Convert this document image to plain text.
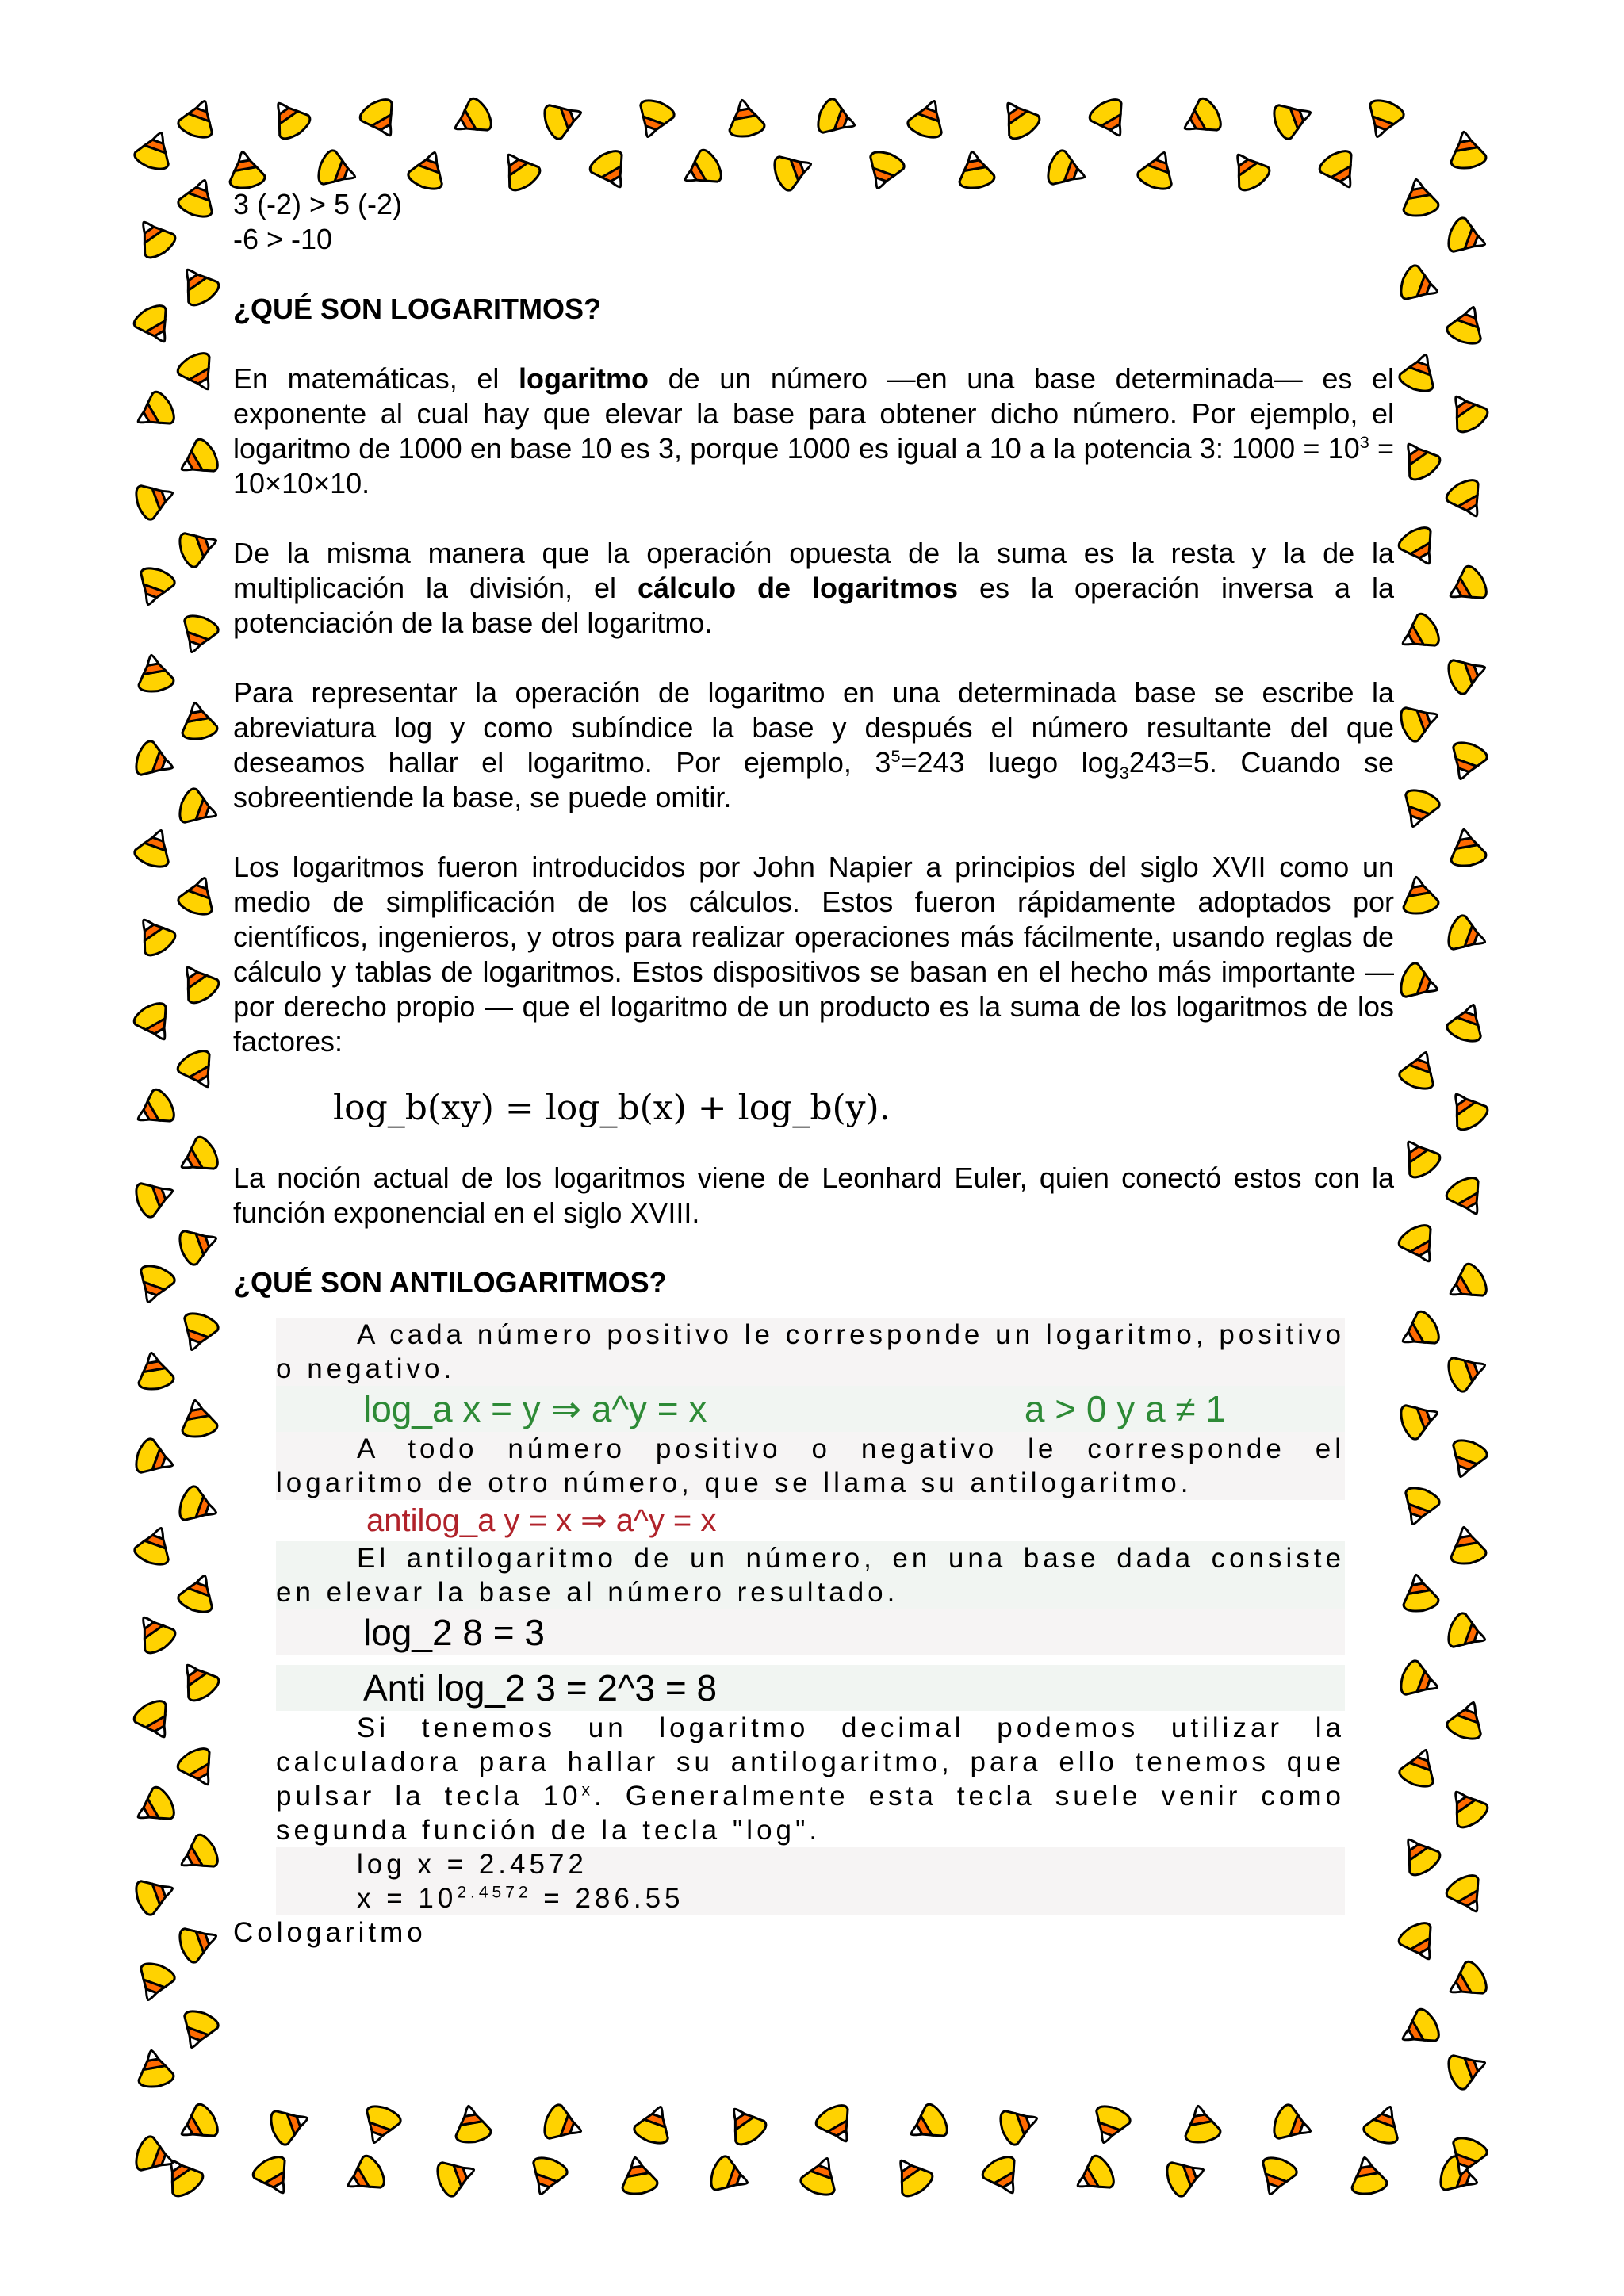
3 (-2) > 5 (-2)

-6 > -10

¿QUÉ SON LOGARITMOS?

En matemáticas, el logaritmo de un número —en una base determinada— es el exponente al cual hay que elevar la base para obtener dicho número. Por ejemplo, el logaritmo de 1000 en base 10 es 3, porque 1000 es igual a 10 a la potencia 3: $1000 = 10^3 = 10\times 10\times 10$.

De la misma manera que la operación opuesta de la suma es la resta y la de la multiplicación la división, el cálculo de logaritmos es la operación inversa a la potenciación de la base del logaritmo.

Para representar la operación de logaritmo en una determinada base se escribe la abreviatura log y como subíndice la base y después el número resultante del que deseamos hallar el logaritmo. Por ejemplo, $3^5=243$ luego $\log_3243=5$. Cuando se sobreentiende la base, se puede omitir.

Los logaritmos fueron introducidos por John Napier a principios del siglo XVII como un medio de simplificación de los cálculos. Estos fueron rápidamente adoptados por científicos, ingenieros, y otros para realizar operaciones más fácilmente, usando reglas de cálculo y tablas de logaritmos. Estos dispositivos se basan en el hecho más importante — por derecho propio — que el logaritmo de un producto es la suma de los logaritmos de los factores:

log_b(xy) = log_b(x) + log_b(y).

La noción actual de los logaritmos viene de Leonhard Euler, quien conectó estos con la función exponencial en el siglo XVIII.

¿QUÉ SON ANTILOGARITMOS?

A cada número positivo le corresponde un logaritmo, positivo o negativo.

log_a x = y ⇒ a^y = x	a > 0 y a ≠ 1

A todo número positivo o negativo le corresponde el logaritmo de otro número, que se llama su antilogaritmo.

antilog_a y = x ⇒ a^y = x

El antilogaritmo de un número, en una base dada consiste en elevar la base al número resultado.

log_2 8 = 3
Anti log_2 3 = 2^3 = 8

Si tenemos un logaritmo decimal podemos utilizar la calculadora para hallar su antilogaritmo, para ello tenemos que pulsar la tecla 10$^x$. Generalmente esta tecla suele venir como segunda función de la tecla "log".

log x = 2.4572

$x = 10^{2.4572} = 286.55$

Cologaritmo
